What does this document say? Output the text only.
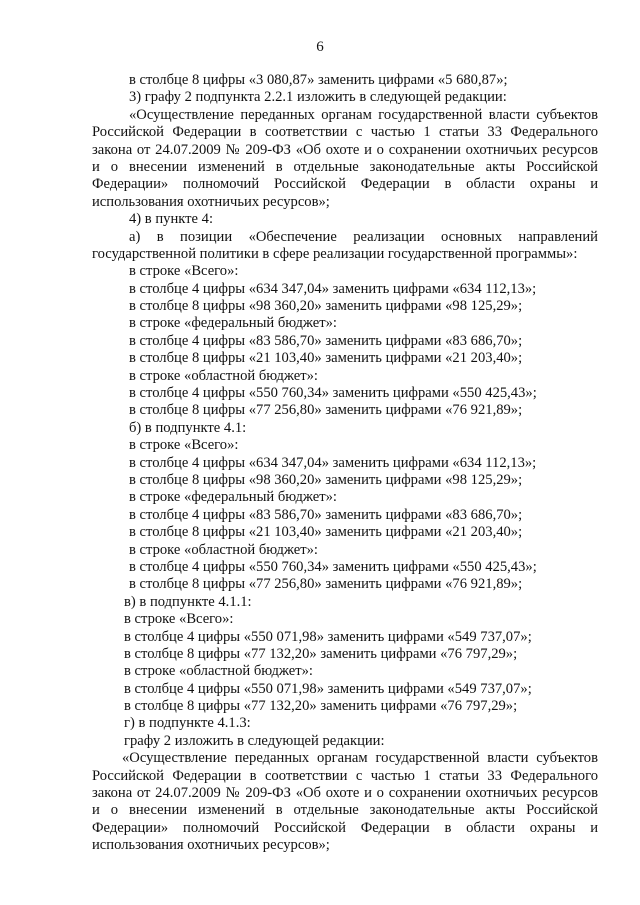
6
в столбце 8 цифры «3 080,87» заменить цифрами «5 680,87»;
3) графу 2 подпункта 2.2.1 изложить в следующей редакции:
«Осуществление переданных органам государственной власти субъектов
Российской Федерации в соответствии с частью 1 статьи 33 Федерального
закона от 24.07.2009 № 209-ФЗ «Об охоте и о сохранении охотничьих ресурсов
и о внесении изменений в отдельные законодательные акты Российской
Федерации» полномочий Российской Федерации в области охраны и
использования охотничьих ресурсов»;
4) в пункте 4:
а) в позиции «Обеспечение реализации основных направлений
государственной политики в сфере реализации государственной программы»:
в строке «Всего»:
в столбце 4 цифры «634 347,04» заменить цифрами «634 112,13»;
в столбце 8 цифры «98 360,20» заменить цифрами «98 125,29»;
в строке «федеральный бюджет»:
в столбце 4 цифры «83 586,70» заменить цифрами «83 686,70»;
в столбце 8 цифры «21 103,40» заменить цифрами «21 203,40»;
в строке «областной бюджет»:
в столбце 4 цифры «550 760,34» заменить цифрами «550 425,43»;
в столбце 8 цифры «77 256,80» заменить цифрами «76 921,89»;
б) в подпункте 4.1:
в строке «Всего»:
в столбце 4 цифры «634 347,04» заменить цифрами «634 112,13»;
в столбце 8 цифры «98 360,20» заменить цифрами «98 125,29»;
в строке «федеральный бюджет»:
в столбце 4 цифры «83 586,70» заменить цифрами «83 686,70»;
в столбце 8 цифры «21 103,40» заменить цифрами «21 203,40»;
в строке «областной бюджет»:
в столбце 4 цифры «550 760,34» заменить цифрами «550 425,43»;
в столбце 8 цифры «77 256,80» заменить цифрами «76 921,89»;
в) в подпункте 4.1.1:
в строке «Всего»:
в столбце 4 цифры «550 071,98» заменить цифрами «549 737,07»;
в столбце 8 цифры «77 132,20» заменить цифрами «76 797,29»;
в строке «областной бюджет»:
в столбце 4 цифры «550 071,98» заменить цифрами «549 737,07»;
в столбце 8 цифры «77 132,20» заменить цифрами «76 797,29»;
г) в подпункте 4.1.3:
графу 2 изложить в следующей редакции:
«Осуществление переданных органам государственной власти субъектов
Российской Федерации в соответствии с частью 1 статьи 33 Федерального
закона от 24.07.2009 № 209-ФЗ «Об охоте и о сохранении охотничьих ресурсов
и о внесении изменений в отдельные законодательные акты Российской
Федерации» полномочий Российской Федерации в области охраны и
использования охотничьих ресурсов»;
